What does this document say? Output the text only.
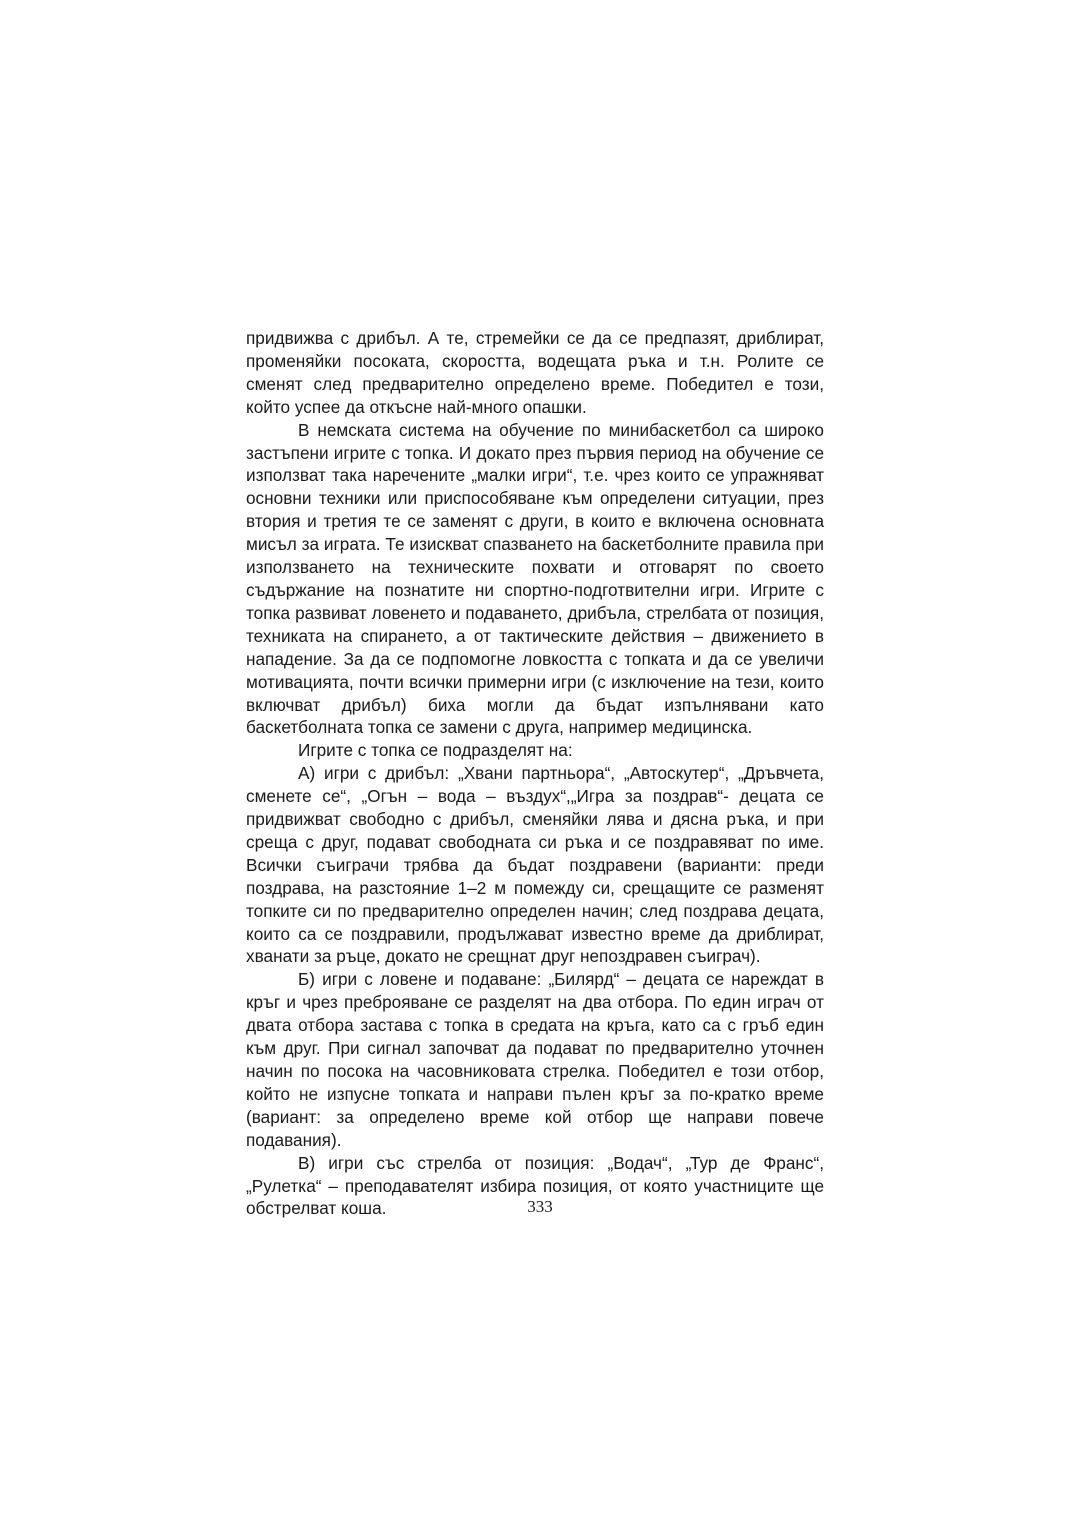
придвижва с дрибъл. А те, стремейки се да се предпазят, дриблират, променяйки посоката, скоростта, водещата ръка и т.н. Ролите се сменят след предварително определено време. Победител е този, който успее да откъсне най-много опашки.

В немската система на обучение по минибаскетбол са широко застъпени игрите с топка. И докато през първия период на обучение се използват така наречените „малки игри“, т.е. чрез които се упражняват основни техники или приспособяване към определени ситуации, през втория и третия те се заменят с други, в които е включена основната мисъл за играта. Те изискват спазването на баскетболните правила при използването на техническите похвати и отговарят по своето съдържание на познатите ни спортно-подготвителни игри. Игрите с топка развиват ловенето и подаването, дрибъла, стрелбата от позиция, техниката на спирането, а от тактическите действия – движението в нападение. За да се подпомогне ловкостта с топката и да се увеличи мотивацията, почти всички примерни игри (с изключение на тези, които включват дрибъл) биха могли да бъдат изпълнявани като баскетболната топка се замени с друга, например медицинска.

Игрите с топка се подразделят на:

А) игри с дрибъл: „Хвани партньора“, „Автоскутер“, „Дръвчета, сменете се“, „Огън – вода – въздух“,„Игра за поздрав“- децата се придвижват свободно с дрибъл, сменяйки лява и дясна ръка, и при среща с друг, подават свободната си ръка и се поздравяват по име. Всички съиграчи трябва да бъдат поздравени (варианти: преди поздрава, на разстояние 1–2 м помежду си, срещащите се разменят топките си по предварително определен начин; след поздрава децата, които са се поздравили, продължават известно време да дриблират, хванати за ръце, докато не срещнат друг непоздравен съиграч).

Б) игри с ловене и подаване: „Билярд“ – децата се нареждат в кръг и чрез преброяване се разделят на два отбора. По един играч от двата отбора застава с топка в средата на кръга, като са с гръб един към друг. При сигнал започват да подават по предварително уточнен начин по посока на часовниковата стрелка. Победител е този отбор, който не изпусне топката и направи пълен кръг за по-кратко време (вариант: за определено време кой отбор ще направи повече подавания).

В) игри със стрелба от позиция: „Водач“, „Тур де Франс“, „Рулетка“ – преподавателят избира позиция, от която участниците ще обстрелват коша.	333
